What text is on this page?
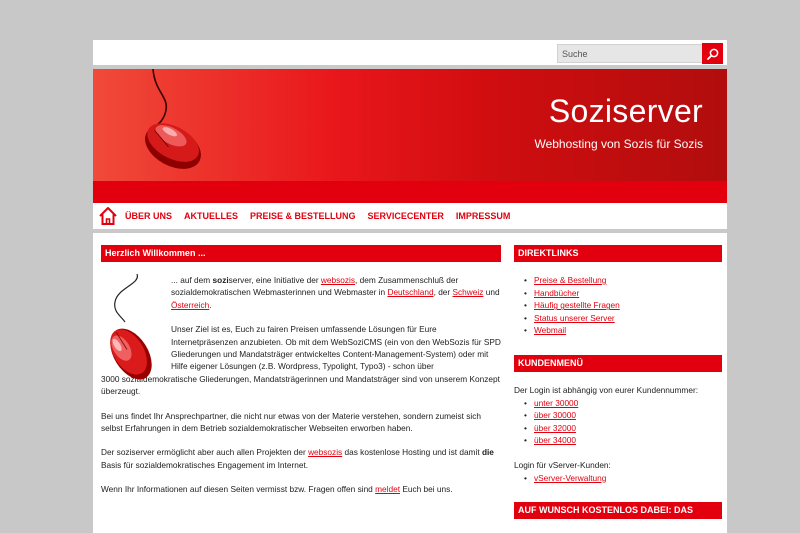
Suche
Soziserver
Webhosting von Sozis für Sozis
ÜBER UNS AKTUELLES PREISE & BESTELLUNG SERVICECENTER IMPRESSUM
Herzlich Willkommen ...

... auf dem soziserver, eine Initiative der websozis, dem Zusammenschluß der sozialdemokratischen Webmasterinnen und Webmaster in Deutschland, der Schweiz und Österreich.

Unser Ziel ist es, Euch zu fairen Preisen umfassende Lösungen für Eure Internetpräsenzen anzubieten. Ob mit dem WebSoziCMS (ein von den WebSozis für SPD Gliederungen und Mandatsträger entwickeltes Content-Management-System) oder mit Hilfe eigener Lösungen (z.B. Wordpress, Typolight, Typo3) - schon über

3000 sozialdemokratische Gliederungen, Mandatsträgerinnen und Mandatsträger sind von unserem Konzept überzeugt.

Bei uns findet Ihr Ansprechpartner, die nicht nur etwas von der Materie verstehen, sondern zumeist sich selbst Erfahrungen in dem Betrieb sozialdemokratischer Webseiten erworben haben.

Der soziserver ermöglicht aber auch allen Projekten der websozis das kostenlose Hosting und ist damit die Basis für sozialdemokratisches Engagement im Internet.

Wenn Ihr Informationen auf diesen Seiten vermisst bzw. Fragen offen sind meldet Euch bei uns.

DIREKTLINKS
• Preise & Bestellung
• Handbücher
• Häufig gestellte Fragen
• Status unserer Server
• Webmail
KUNDENMENÜ

Der Login ist abhängig von eurer Kundennummer:

• unter 30000
• über 30000
• über 32000
• über 34000

Login für vServer-Kunden:

• vServer-Verwaltung
AUF WUNSCH KOSTENLOS DABEI: DAS
